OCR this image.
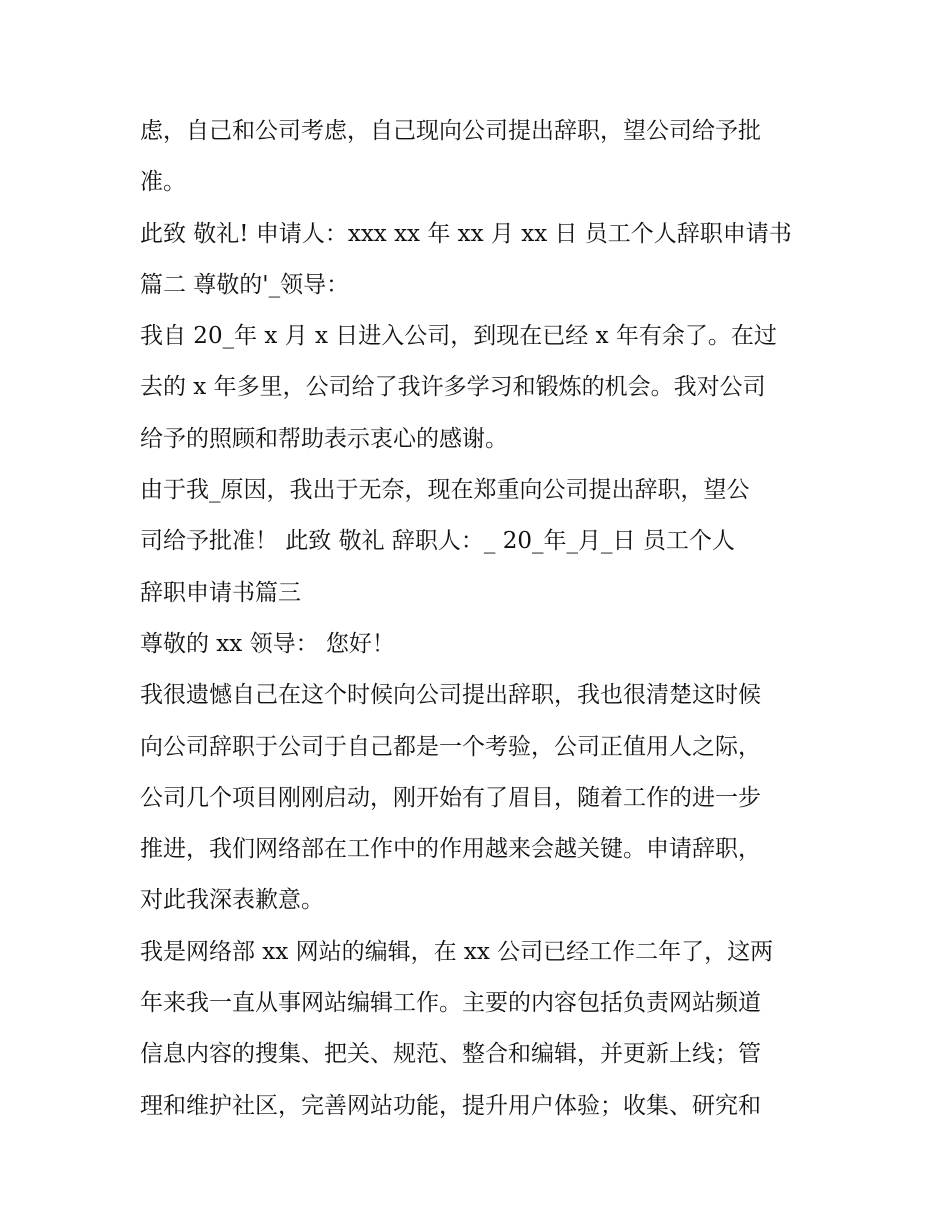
虑，自己和公司考虑，自己现向公司提出辞职，望公司给予批
准。
此致 敬礼! 申请人：xxx xx 年 xx 月 xx 日 员工个人辞职申请书
篇二 尊敬的'_领导：
我自 20_年 x 月 x 日进入公司，到现在已经 x 年有余了。在过
去的 x 年多里，公司给了我许多学习和锻炼的机会。我对公司
给予的照顾和帮助表示衷心的感谢。
由于我_原因，我出于无奈，现在郑重向公司提出辞职，望公
司给予批准！ 此致 敬礼 辞职人：_ 20_年_月_日 员工个人
辞职申请书篇三
尊敬的 xx 领导： 您好！
我很遗憾自己在这个时候向公司提出辞职，我也很清楚这时候
向公司辞职于公司于自己都是一个考验，公司正值用人之际，
公司几个项目刚刚启动，刚开始有了眉目，随着工作的进一步
推进，我们网络部在工作中的作用越来会越关键。申请辞职，
对此我深表歉意。
我是网络部 xx 网站的编辑，在 xx 公司已经工作二年了，这两
年来我一直从事网站编辑工作。主要的内容包括负责网站频道
信息内容的搜集、把关、规范、整合和编辑，并更新上线；管
理和维护社区，完善网站功能，提升用户体验；收集、研究和
